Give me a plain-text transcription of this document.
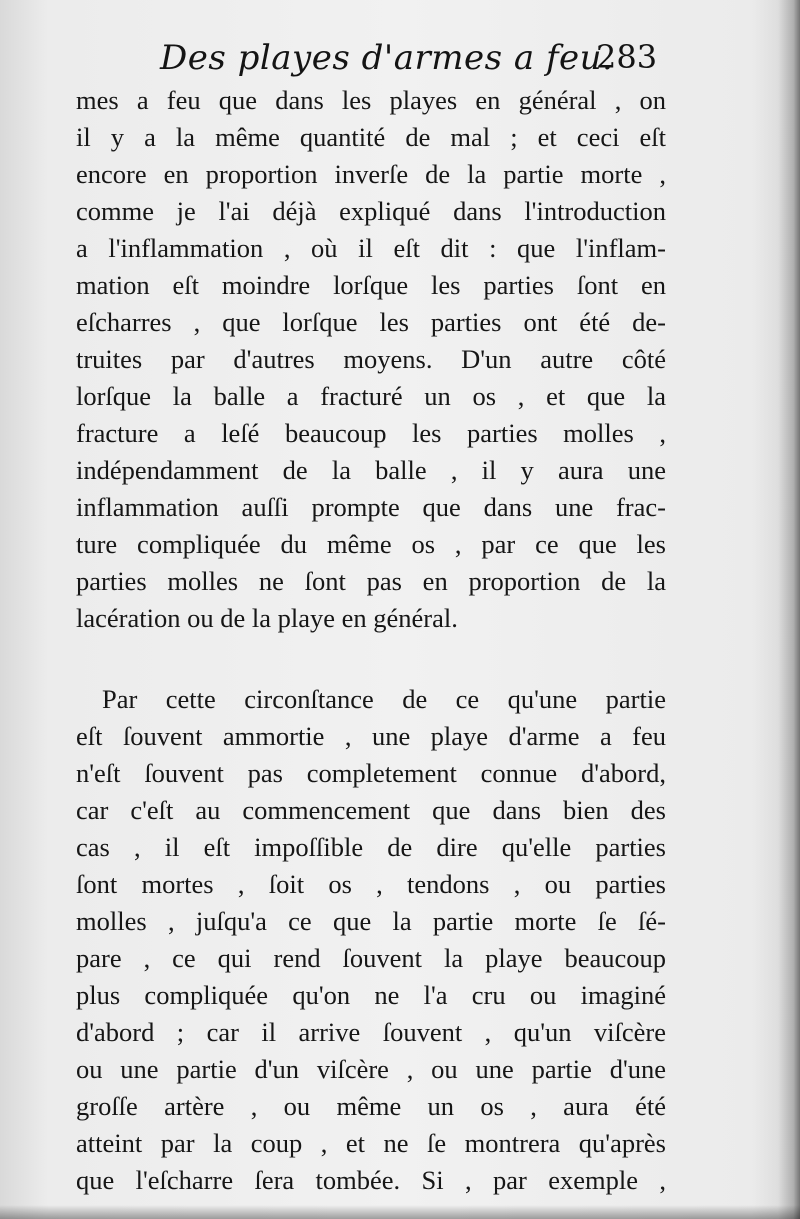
Des playes d'armes a feu.
283
mes a feu que dans les playes en général , on
il y a la même quantité de mal ; et ceci eſt
encore en proportion inverſe de la partie morte ,
comme je l'ai déjà expliqué dans l'introduction
a l'inflammation , où il eſt dit : que l'inflam-
mation eſt moindre lorſque les parties ſont en
eſcharres , que lorſque les parties ont été de-
truites par d'autres moyens. D'un autre côté
lorſque la balle a fracturé un os , et que la
fracture a leſé beaucoup les parties molles ,
indépendamment de la balle , il y aura une
inflammation auſſi prompte que dans une frac-
ture compliquée du même os , par ce que les
parties molles ne ſont pas en proportion de la
lacération ou de la playe en général.
Par cette circonſtance de ce qu'une partie
eſt ſouvent ammortie , une playe d'arme a feu
n'eſt ſouvent pas completement connue d'abord,
car c'eſt au commencement que dans bien des
cas , il eſt impoſſible de dire qu'elle parties
ſont mortes , ſoit os , tendons , ou parties
molles , juſqu'a ce que la partie morte ſe ſé-
pare , ce qui rend ſouvent la playe beaucoup
plus compliquée qu'on ne l'a cru ou imaginé
d'abord ; car il arrive ſouvent , qu'un viſcère
ou une partie d'un viſcère , ou une partie d'une
groſſe artère , ou même un os , aura été
atteint par la coup , et ne ſe montrera qu'après
que l'eſcharre ſera tombée. Si , par exemple ,
